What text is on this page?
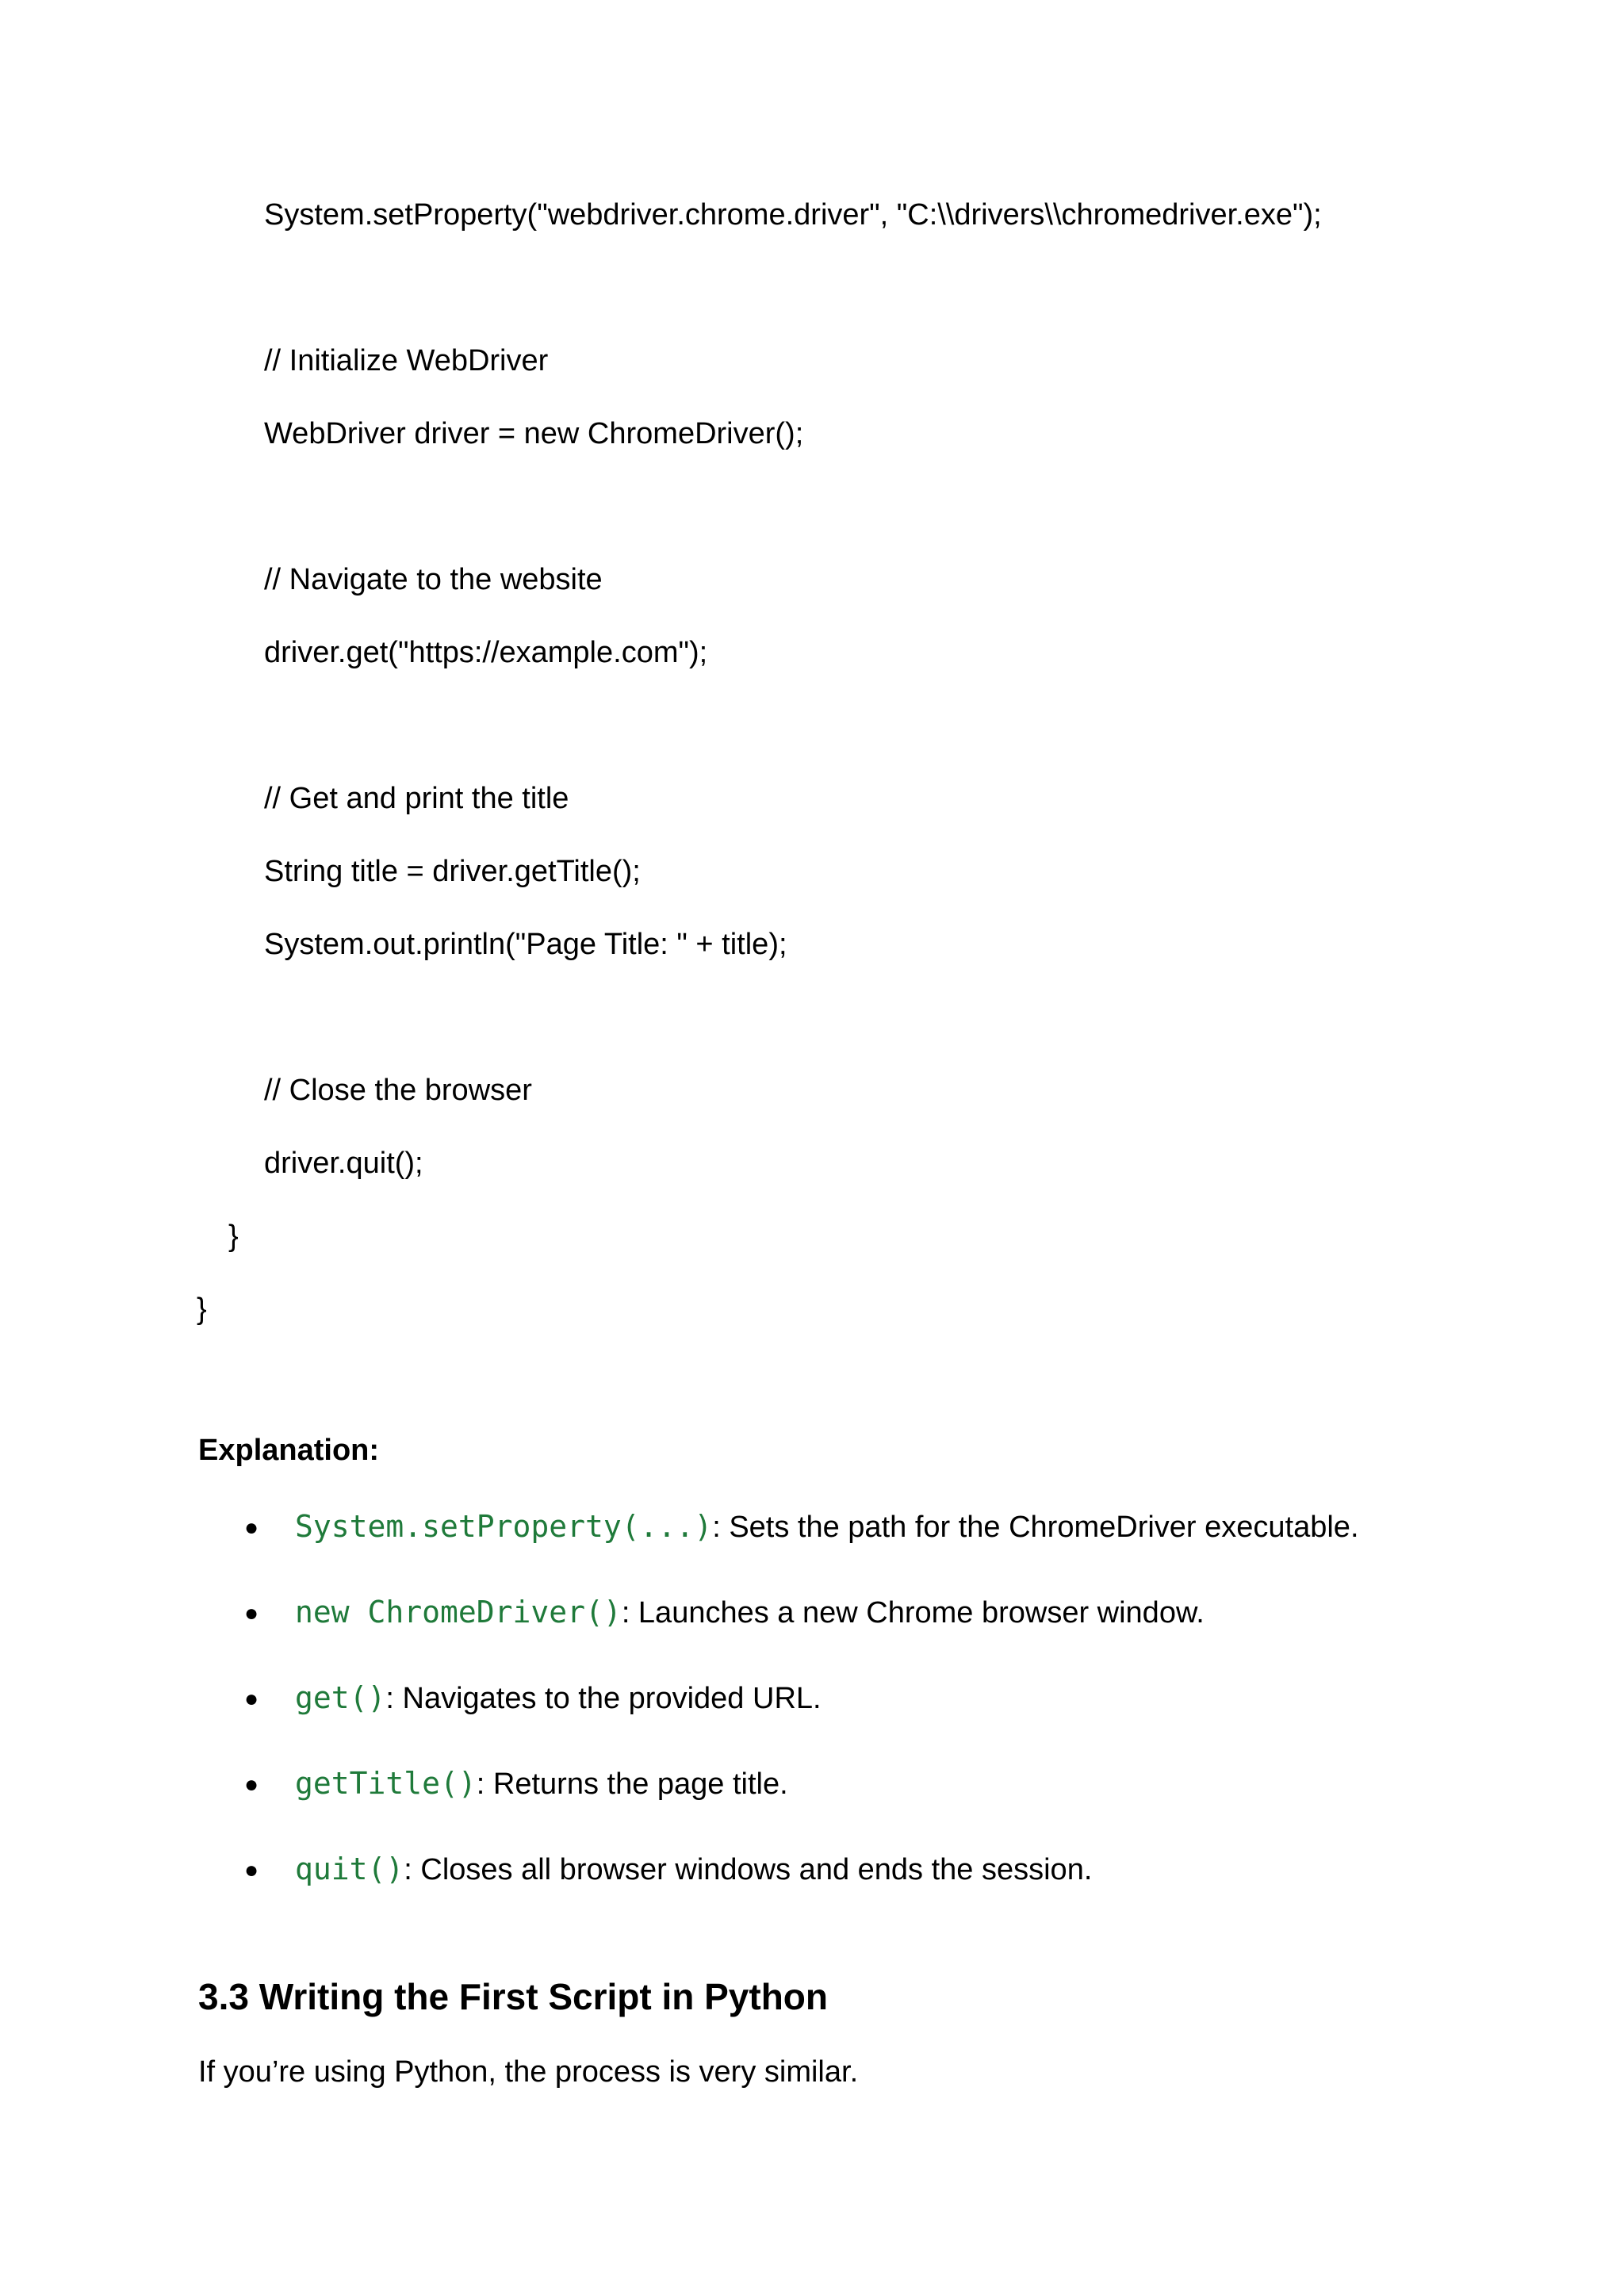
System.setProperty("webdriver.chrome.driver", "C:\\drivers\\chromedriver.exe");

// Initialize WebDriver

WebDriver driver = new ChromeDriver();

// Navigate to the website

driver.get("https://example.com");

// Get and print the title

String title = driver.getTitle();

System.out.println("Page Title: " + title);

// Close the browser

driver.quit();

}

}

Explanation:
● System.setProperty(...): Sets the path for the ChromeDriver executable.
● new ChromeDriver(): Launches a new Chrome browser window.
● get(): Navigates to the provided URL.
● getTitle(): Returns the page title.
● quit(): Closes all browser windows and ends the session.
3.3 Writing the First Script in Python

If you’re using Python, the process is very similar.
